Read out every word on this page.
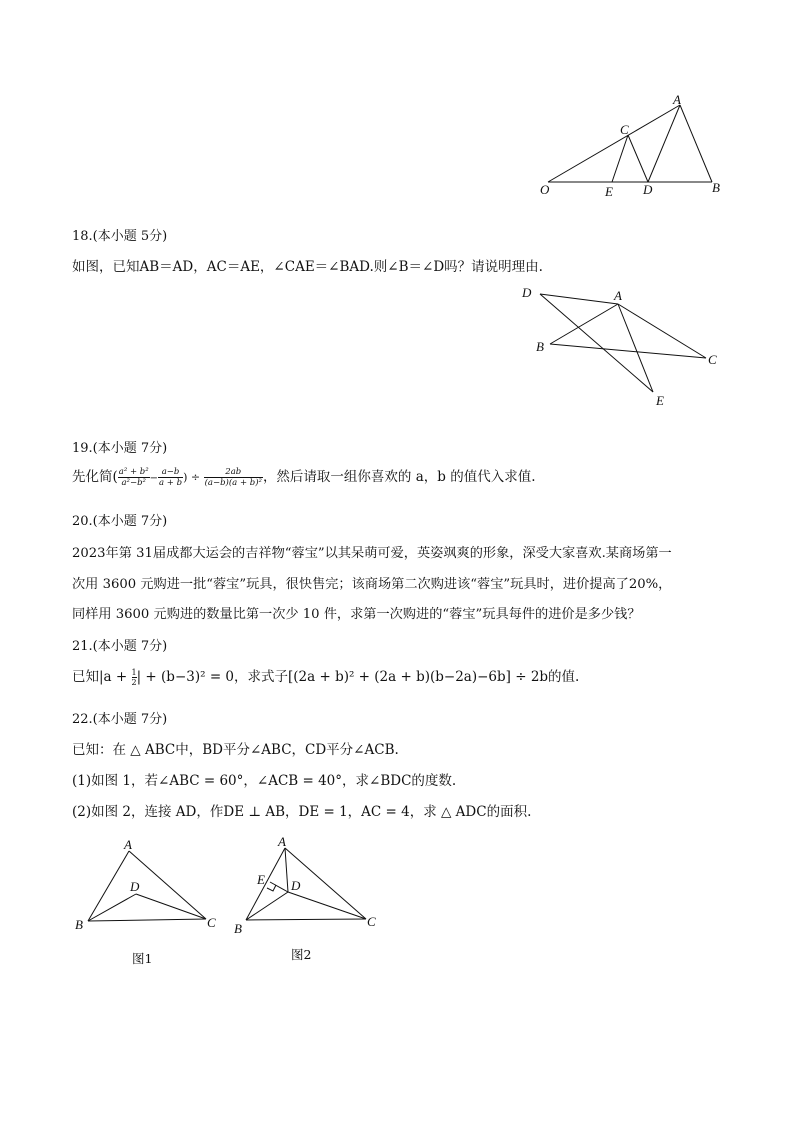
A
C
O	E D	B
18.(本小题 5分)
如图，已知AB＝AD，AC＝AE，∠CAE＝∠BAD.则∠B＝∠D吗？请说明理由.
D	A
B
C
E
19.(本小题 7分)
先化简( $\frac{\text{a² + b²}}{\text{a²−b²}} - \frac{a-b}{a + b}$ ) ÷ $\frac{2ab}{\text{(a−b)(a + b)²}}$ ，然后请取一组你喜欢的 a，b 的值代入求值.
20.(本小题 7分)
2023年第 31届成都大运会的吉祥物“蓉宝”以其呆萌可爱，英姿飒爽的形象，深受大家喜欢.某商场第一
次用 3600 元购进一批“蓉宝”玩具，很快售完；该商场第二次购进该“蓉宝”玩具时，进价提高了20%，
同样用 3600 元购进的数量比第一次少 10 件，求第一次购进的“蓉宝”玩具每件的进价是多少钱？
21.(本小题 7分)
已知$|a + \frac{1}{2}$ | + (b−3)² = 0，求式子[(2a + b)² + (2a + b)(b−2a)−6b] ÷ 2b的值.
22.(本小题 7分)
已知：在 △ ABC中，BD平分∠ABC，CD平分∠ACB.
(1)如图 1，若∠ABC = 60°，∠ACB = 40°，求∠BDC的度数.
(2)如图 2，连接 AD，作DE ⊥ AB，DE = 1，AC = 4，求 △ ADC的面积.
A
D
B	C
图1
A
E D
B	C
图2
